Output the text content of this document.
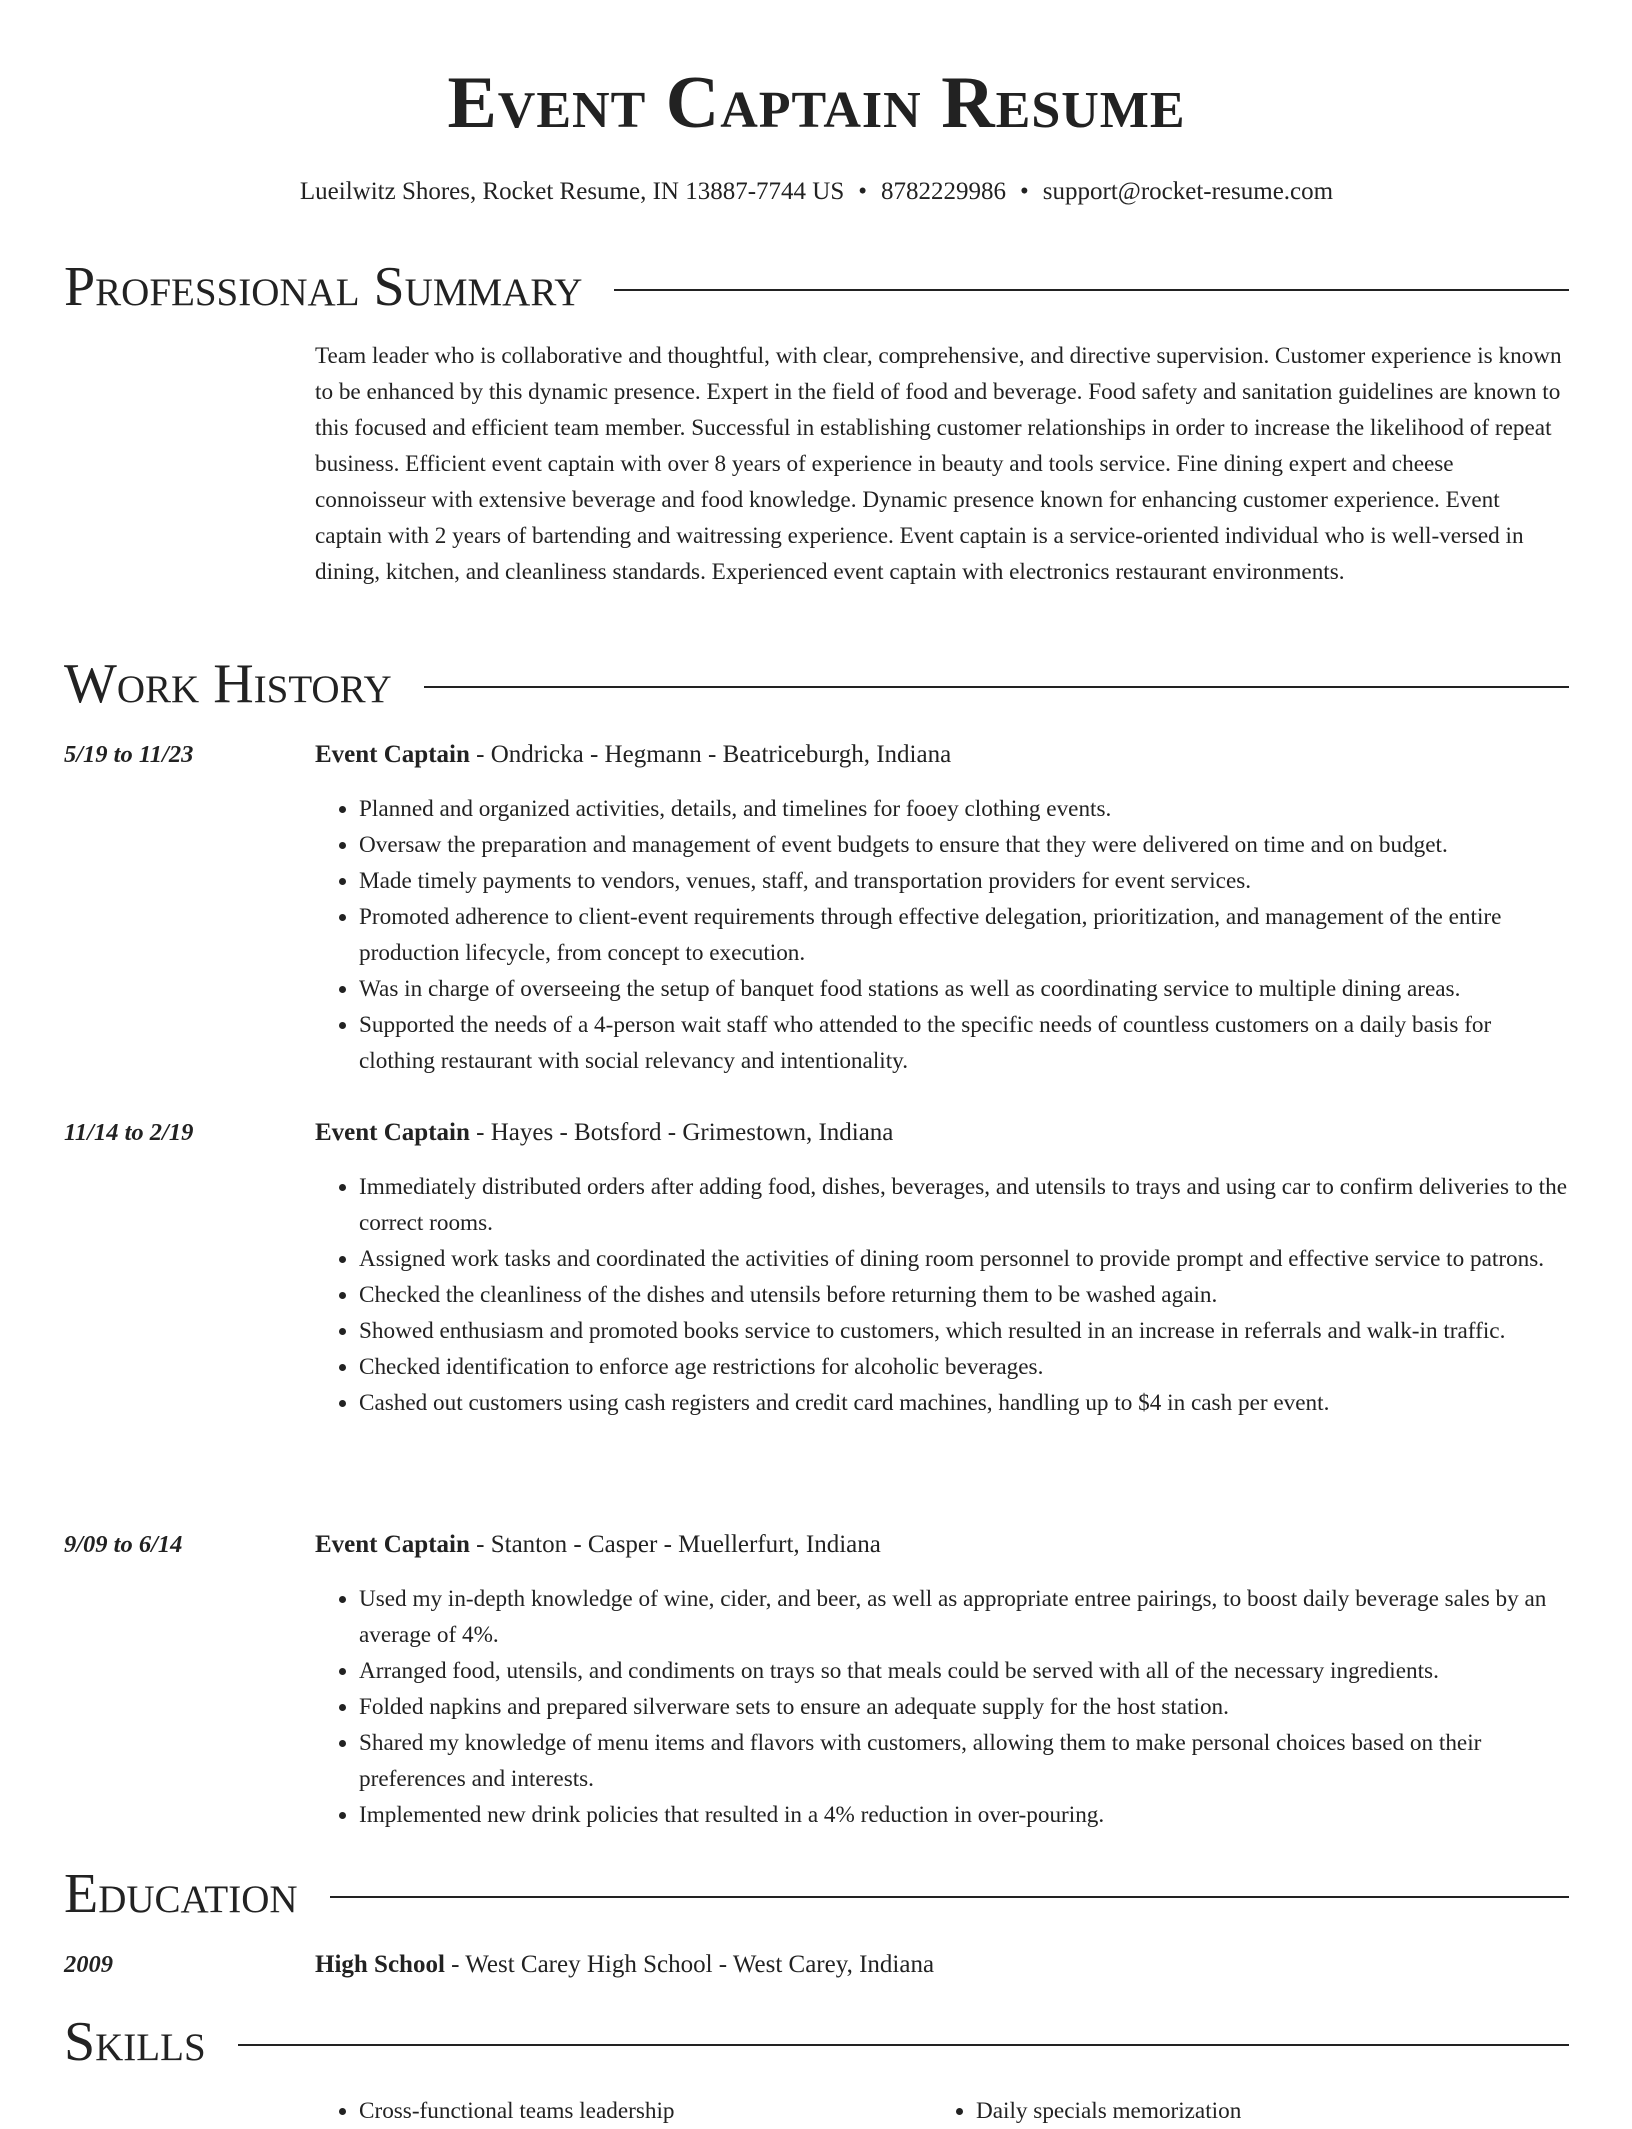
Event Captain Resume
Lueilwitz Shores, Rocket Resume, IN 13887-7744 US • 8782229986 • support@rocket-resume.com
Professional Summary

Team leader who is collaborative and thoughtful, with clear, comprehensive, and directive supervision. Customer experience is known to be enhanced by this dynamic presence. Expert in the field of food and beverage. Food safety and sanitation guidelines are known to this focused and efficient team member. Successful in establishing customer relationships in order to increase the likelihood of repeat business. Efficient event captain with over 8 years of experience in beauty and tools service. Fine dining expert and cheese connoisseur with extensive beverage and food knowledge. Dynamic presence known for enhancing customer experience. Event captain with 2 years of bartending and waitressing experience. Event captain is a service-oriented individual who is well-versed in dining, kitchen, and cleanliness standards. Experienced event captain with electronics restaurant environments.

Work History
5/19 to 11/23	Event Captain - Ondricka - Hegmann - Beatriceburgh, Indiana
• Planned and organized activities, details, and timelines for fooey clothing events.
• Oversaw the preparation and management of event budgets to ensure that they were delivered on time and on budget.
• Made timely payments to vendors, venues, staff, and transportation providers for event services.
• Promoted adherence to client-event requirements through effective delegation, prioritization, and management of the entire production lifecycle, from concept to execution.
• Was in charge of overseeing the setup of banquet food stations as well as coordinating service to multiple dining areas.
• Supported the needs of a 4-person wait staff who attended to the specific needs of countless customers on a daily basis for clothing restaurant with social relevancy and intentionality.
11/14 to 2/19	Event Captain - Hayes - Botsford - Grimestown, Indiana
• Immediately distributed orders after adding food, dishes, beverages, and utensils to trays and using car to confirm deliveries to the correct rooms.
• Assigned work tasks and coordinated the activities of dining room personnel to provide prompt and effective service to patrons.
• Checked the cleanliness of the dishes and utensils before returning them to be washed again.
• Showed enthusiasm and promoted books service to customers, which resulted in an increase in referrals and walk-in traffic.
• Checked identification to enforce age restrictions for alcoholic beverages.
• Cashed out customers using cash registers and credit card machines, handling up to $4 in cash per event.
9/09 to 6/14	Event Captain - Stanton - Casper - Muellerfurt, Indiana
• Used my in-depth knowledge of wine, cider, and beer, as well as appropriate entree pairings, to boost daily beverage sales by an average of 4%.
• Arranged food, utensils, and condiments on trays so that meals could be served with all of the necessary ingredients.
• Folded napkins and prepared silverware sets to ensure an adequate supply for the host station.
• Shared my knowledge of menu items and flavors with customers, allowing them to make personal choices based on their preferences and interests.
• Implemented new drink policies that resulted in a 4% reduction in over-pouring.
Education
2009	High School - West Carey High School - West Carey, Indiana
Skills
• Cross-functional teams leadership
•	Daily specials memorization
